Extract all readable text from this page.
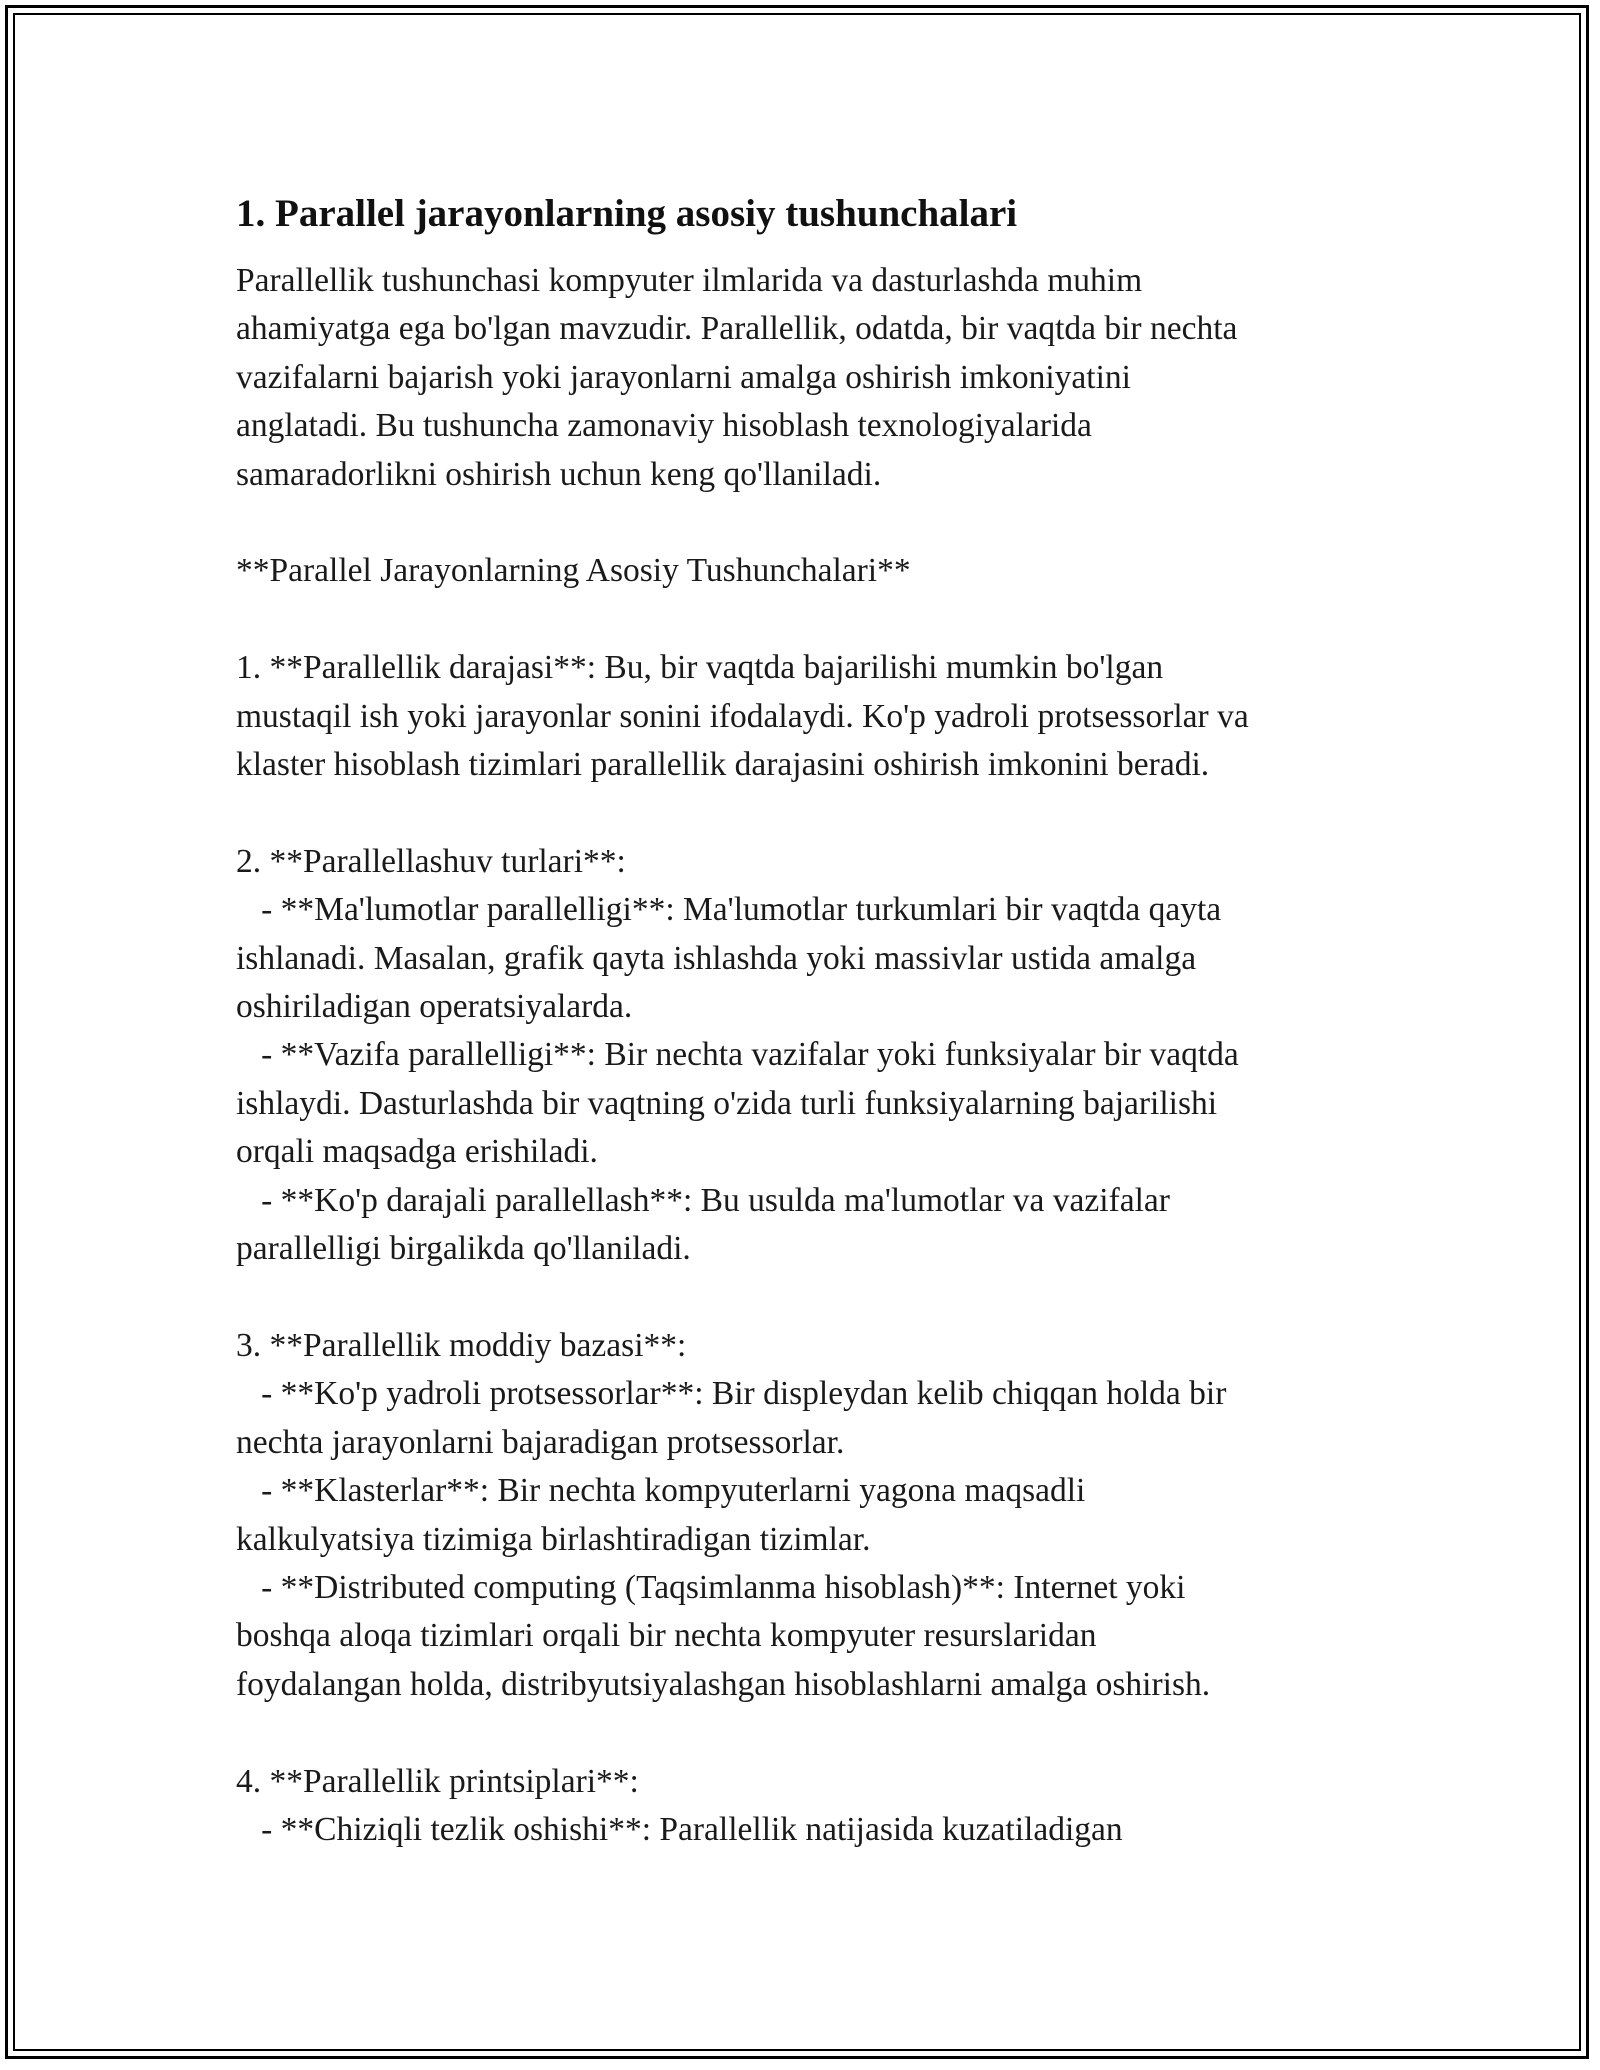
1. Parallel jarayonlarning asosiy tushunchalari
Parallellik tushunchasi kompyuter ilmlarida va dasturlashda muhim
ahamiyatga ega bo'lgan mavzudir. Parallellik, odatda, bir vaqtda bir nechta
vazifalarni bajarish yoki jarayonlarni amalga oshirish imkoniyatini
anglatadi. Bu tushuncha zamonaviy hisoblash texnologiyalarida
samaradorlikni oshirish uchun keng qo'llaniladi.
**Parallel Jarayonlarning Asosiy Tushunchalari**
1. **Parallellik darajasi**: Bu, bir vaqtda bajarilishi mumkin bo'lgan
mustaqil ish yoki jarayonlar sonini ifodalaydi. Ko'p yadroli protsessorlar va
klaster hisoblash tizimlari parallellik darajasini oshirish imkonini beradi.
2. **Parallellashuv turlari**:
- **Ma'lumotlar parallelligi**: Ma'lumotlar turkumlari bir vaqtda qayta
ishlanadi. Masalan, grafik qayta ishlashda yoki massivlar ustida amalga
oshiriladigan operatsiyalarda.
- **Vazifa parallelligi**: Bir nechta vazifalar yoki funksiyalar bir vaqtda
ishlaydi. Dasturlashda bir vaqtning o'zida turli funksiyalarning bajarilishi
orqali maqsadga erishiladi.
- **Ko'p darajali parallellash**: Bu usulda ma'lumotlar va vazifalar
parallelligi birgalikda qo'llaniladi.
3. **Parallellik moddiy bazasi**:
- **Ko'p yadroli protsessorlar**: Bir displeydan kelib chiqqan holda bir
nechta jarayonlarni bajaradigan protsessorlar.
- **Klasterlar**: Bir nechta kompyuterlarni yagona maqsadli
kalkulyatsiya tizimiga birlashtiradigan tizimlar.
- **Distributed computing (Taqsimlanma hisoblash)**: Internet yoki
boshqa aloqa tizimlari orqali bir nechta kompyuter resurslaridan
foydalangan holda, distribyutsiyalashgan hisoblashlarni amalga oshirish.
4. **Parallellik printsiplari**:
- **Chiziqli tezlik oshishi**: Parallellik natijasida kuzatiladigan
